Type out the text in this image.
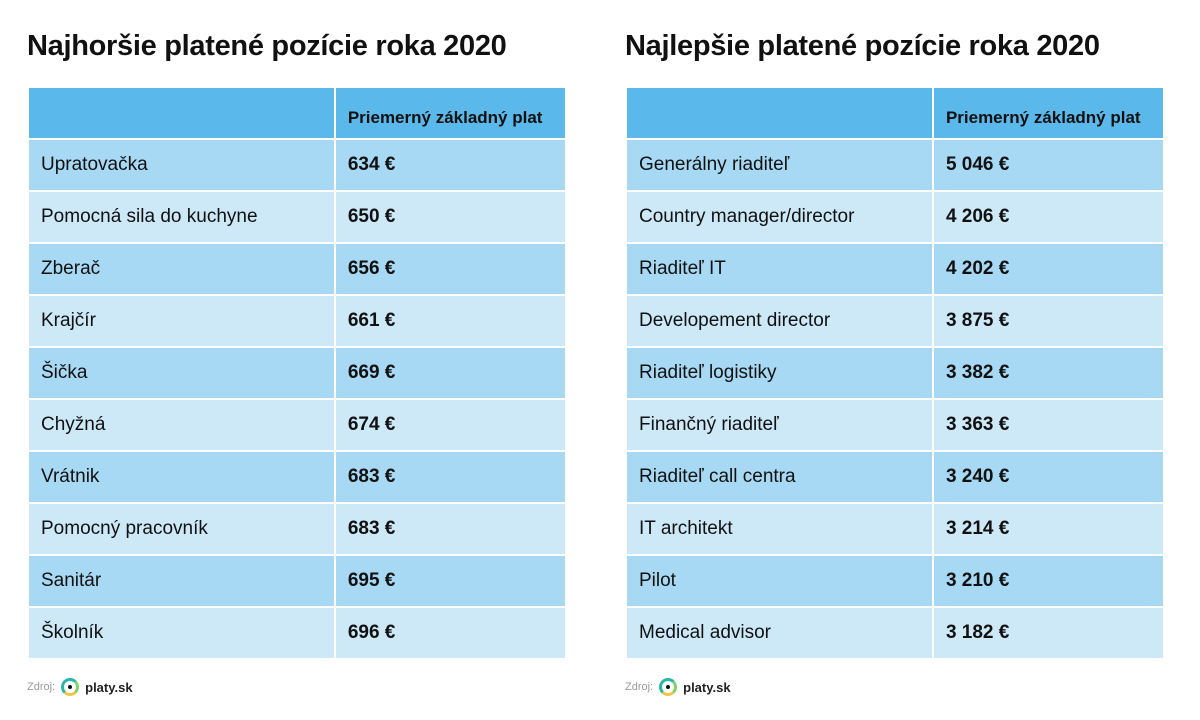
Najhoršie platené pozície roka 2020
	Priemerný základný plat
Upratovačka	634 €
Pomocná sila do kuchyne	650 €
Zberač	656 €
Krajčír	661 €
Šička	669 €
Chyžná	674 €
Vrátnik	683 €
Pomocný pracovník	683 €
Sanitár	695 €
Školník	696 €
Zdroj: platy.sk
Najlepšie platené pozície roka 2020
	Priemerný základný plat
Generálny riaditeľ	5 046 €
Country manager/director	4 206 €
Riaditeľ IT	4 202 €
Developement director	3 875 €
Riaditeľ logistiky	3 382 €
Finančný riaditeľ	3 363 €
Riaditeľ call centra	3 240 €
IT architekt	3 214 €
Pilot	3 210 €
Medical advisor	3 182 €
Zdroj: platy.sk
